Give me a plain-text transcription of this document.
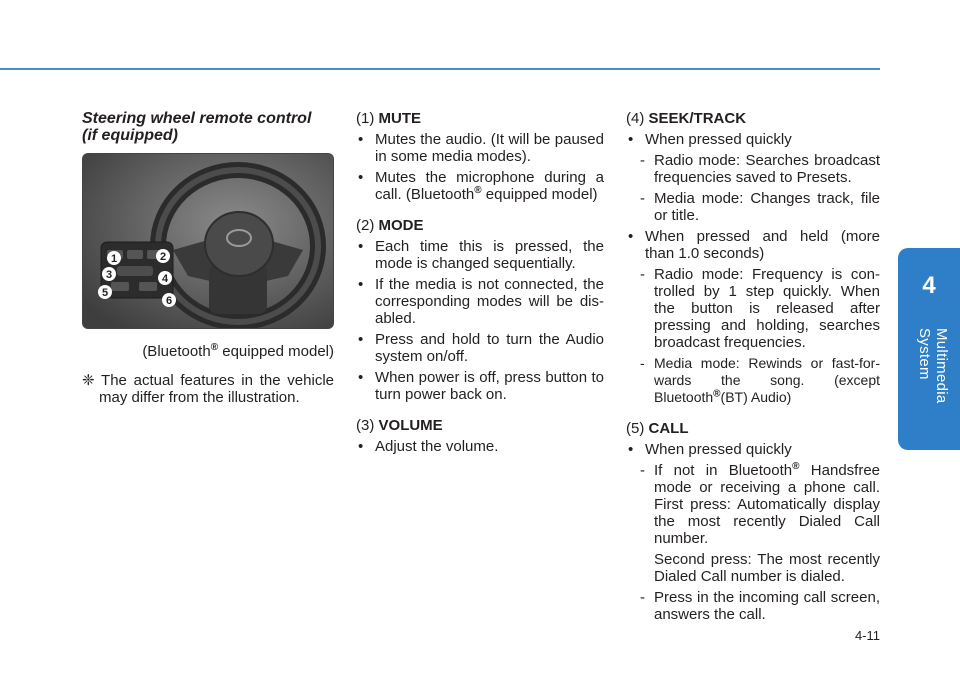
4
Multimedia System
Steering wheel remote control
(if equipped)
1	2
3	4
5
6
(Bluetooth® equipped model)
❈ The actual features in the vehicle may differ from the illustration.
(1) MUTE
• Mutes the audio. (It will be paused in some media modes).
• Mutes the microphone during a call. (Bluetooth® equipped model)
(2) MODE
• Each time this is pressed, the mode is changed sequentially.
• If the media is not connected, the corresponding modes will be dis-abled.
• Press and hold to turn the Audio system on/off.
• When power is off, press button to turn power back on.
(3) VOLUME
• Adjust the volume.
(4) SEEK/TRACK
• When pressed quickly
- Radio mode: Searches broadcast frequencies saved to Presets.
- Media mode: Changes track, file or title.
• When pressed and held (more than 1.0 seconds)
- Radio mode: Frequency is con-trolled by 1 step quickly. When the button is released after pressing and holding, searches broadcast frequencies.
- Media mode: Rewinds or fast-for-wards the song. (except Bluetooth®(BT) Audio)
(5) CALL
• When pressed quickly
- If not in Bluetooth® Handsfree mode or receiving a phone call. First press: Automatically display the most recently Dialed Call number.
Second press: The most recently Dialed Call number is dialed.
- Press in the incoming call screen, answers the call.
4-11
